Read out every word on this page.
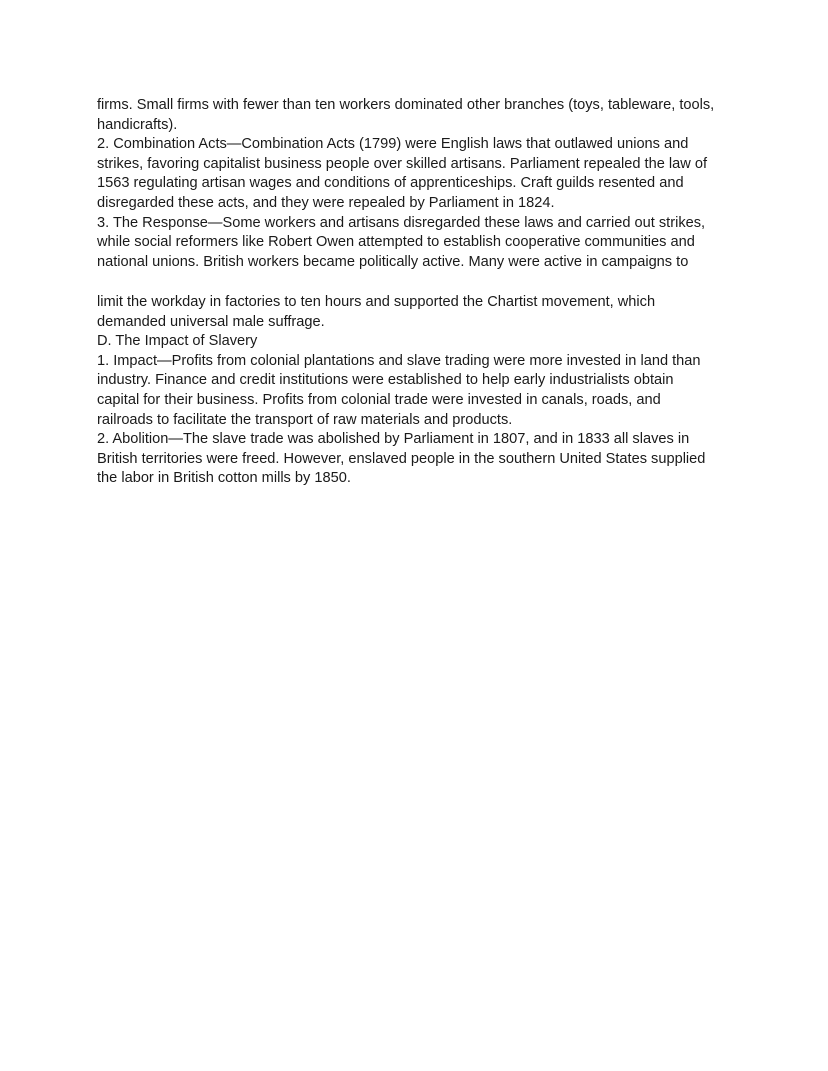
firms. Small firms with fewer than ten workers dominated other branches (toys, tableware, tools,
handicrafts).
2. Combination Acts—Combination Acts (1799) were English laws that outlawed unions and
strikes, favoring capitalist business people over skilled artisans. Parliament repealed the law of
1563 regulating artisan wages and conditions of apprenticeships. Craft guilds resented and
disregarded these acts, and they were repealed by Parliament in 1824.
3. The Response—Some workers and artisans disregarded these laws and carried out strikes,
while social reformers like Robert Owen attempted to establish cooperative communities and
national unions. British workers became politically active. Many were active in campaigns to
limit the workday in factories to ten hours and supported the Chartist movement, which
demanded universal male suffrage.
D. The Impact of Slavery
1. Impact—Profits from colonial plantations and slave trading were more invested in land than
industry. Finance and credit institutions were established to help early industrialists obtain
capital for their business. Profits from colonial trade were invested in canals, roads, and
railroads to facilitate the transport of raw materials and products.
2. Abolition—The slave trade was abolished by Parliament in 1807, and in 1833 all slaves in
British territories were freed. However, enslaved people in the southern United States supplied
the labor in British cotton mills by 1850.
